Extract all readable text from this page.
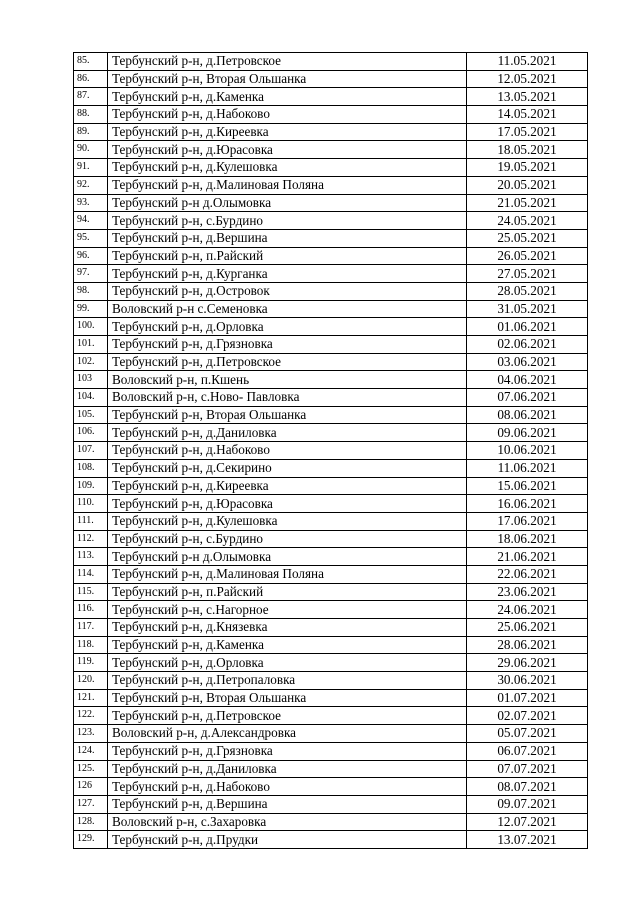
85.	Тербунский р-н, д.Петровское	11.05.2021
86.	Тербунский р-н, Вторая Ольшанка	12.05.2021
87.	Тербунский р-н, д.Каменка	13.05.2021
88.	Тербунский р-н, д.Набоково	14.05.2021
89.	Тербунский р-н, д.Киреевка	17.05.2021
90.	Тербунский р-н, д.Юрасовка	18.05.2021
91.	Тербунский р-н, д.Кулешовка	19.05.2021
92.	Тербунский р-н, д.Малиновая Поляна	20.05.2021
93.	Тербунский р-н д.Олымовка	21.05.2021
94.	Тербунский р-н, с.Бурдино	24.05.2021
95.	Тербунский р-н, д.Вершина	25.05.2021
96.	Тербунский р-н, п.Райский	26.05.2021
97.	Тербунский р-н, д.Курганка	27.05.2021
98.	Тербунский р-н, д.Островок	28.05.2021
99.	Воловский р-н с.Семеновка	31.05.2021
100.	Тербунский р-н, д.Орловка	01.06.2021
101.	Тербунский р-н, д.Грязновка	02.06.2021
102.	Тербунский р-н, д.Петровское	03.06.2021
103	Воловский р-н, п.Кшень	04.06.2021
104.	Воловский р-н, с.Ново- Павловка	07.06.2021
105.	Тербунский р-н, Вторая Ольшанка	08.06.2021
106.	Тербунский р-н, д.Даниловка	09.06.2021
107.	Тербунский р-н, д.Набоково	10.06.2021
108.	Тербунский р-н, д.Секирино	11.06.2021
109.	Тербунский р-н, д.Киреевка	15.06.2021
110.	Тербунский р-н, д.Юрасовка	16.06.2021
111.	Тербунский р-н, д.Кулешовка	17.06.2021
112.	Тербунский р-н, с.Бурдино	18.06.2021
113.	Тербунский р-н д.Олымовка	21.06.2021
114.	Тербунский р-н, д.Малиновая Поляна	22.06.2021
115.	Тербунский р-н, п.Райский	23.06.2021
116.	Тербунский р-н, с.Нагорное	24.06.2021
117.	Тербунский р-н, д.Князевка	25.06.2021
118.	Тербунский р-н, д.Каменка	28.06.2021
119.	Тербунский р-н, д.Орловка	29.06.2021
120.	Тербунский р-н, д.Петропаловка	30.06.2021
121.	Тербунский р-н, Вторая Ольшанка	01.07.2021
122.	Тербунский р-н, д.Петровское	02.07.2021
123.	Воловский р-н, д.Александровка	05.07.2021
124.	Тербунский р-н, д.Грязновка	06.07.2021
125.	Тербунский р-н, д.Даниловка	07.07.2021
126	Тербунский р-н, д.Набоково	08.07.2021
127.	Тербунский р-н, д.Вершина	09.07.2021
128.	Воловский р-н, с.Захаровка	12.07.2021
129.	Тербунский р-н, д.Прудки	13.07.2021
